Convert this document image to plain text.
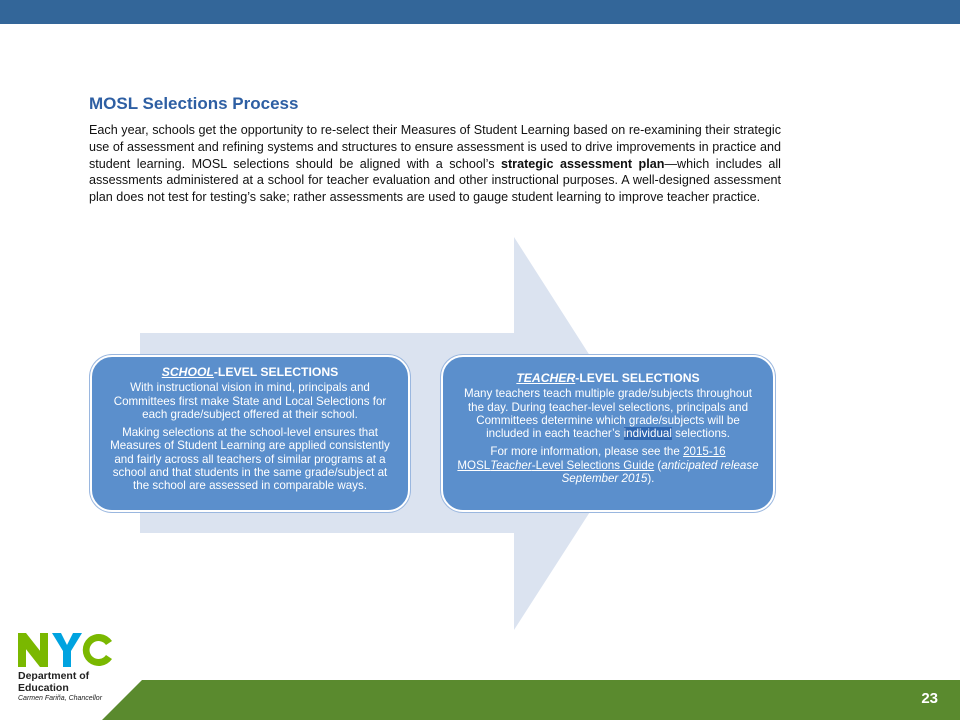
MOSL Selections Process
Each year, schools get the opportunity to re-select their Measures of Student Learning based on re-examining their strategic use of assessment and refining systems and structures to ensure assessment is used to drive improvements in practice and student learning. MOSL selections should be aligned with a school’s strategic assessment plan—which includes all assessments administered at a school for teacher evaluation and other instructional purposes. A well-designed assessment plan does not test for testing’s sake; rather assessments are used to gauge student learning to improve teacher practice.
SCHOOL-LEVEL SELECTIONS

With instructional vision in mind, principals and Committees first make State and Local Selections for each grade/subject offered at their school.

Making selections at the school-level ensures that Measures of Student Learning are applied consistently and fairly across all teachers of similar programs at a school and that students in the same grade/subject at the school are assessed in comparable ways.

TEACHER-LEVEL SELECTIONS

Many teachers teach multiple grade/subjects throughout the day. During teacher-level selections, principals and Committees determine which grade/subjects will be included in each teacher’s individual selections.

For more information, please see the 2015-16 MOSLTeacher-Level Selections Guide (anticipated release September 2015).

Department of
Education
Carmen Fariña, Chancellor	23
